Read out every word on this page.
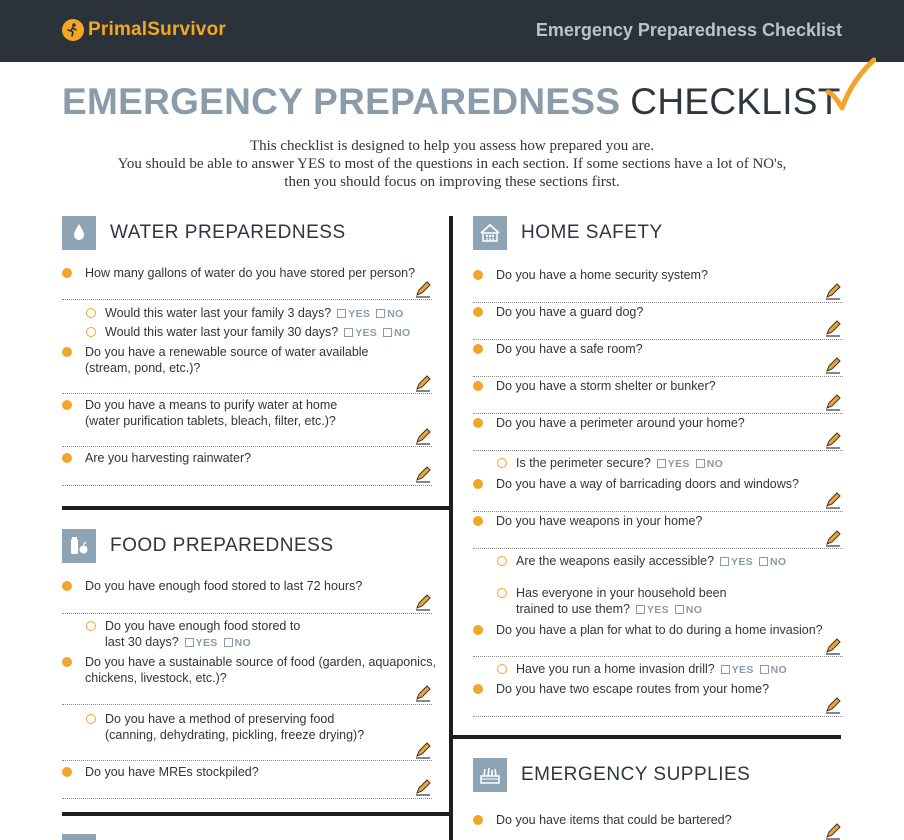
PrimalSurvivor	Emergency Preparedness Checklist
EMERGENCY PREPAREDNESS CHECKLIST
This checklist is designed to help you assess how prepared you are.
You should be able to answer YES to most of the questions in each section. If some sections have a lot of NO's,
then you should focus on improving these sections first.
WATER PREPAREDNESS
How many gallons of water do you have stored per person?
Would this water last your family 3 days? YES NO
Would this water last your family 30 days? YES NO
Do you have a renewable source of water available
(stream, pond, etc.)?
Do you have a means to purify water at home
(water purification tablets, bleach, filter, etc.)?
Are you harvesting rainwater?
FOOD PREPAREDNESS
Do you have enough food stored to last 72 hours?
Do you have enough food stored to
last 30 days? YES NO
Do you have a sustainable source of food (garden, aquaponics,
chickens, livestock, etc.)?
Do you have a method of preserving food
(canning, dehydrating, pickling, freeze drying)?
Do you have MREs stockpiled?
HOME SAFETY
Do you have a home security system?
Do you have a guard dog?
Do you have a safe room?
Do you have a storm shelter or bunker?
Do you have a perimeter around your home?
Is the perimeter secure? YES NO
Do you have a way of barricading doors and windows?
Do you have weapons in your home?
Are the weapons easily accessible? YES NO
Has everyone in your household been
trained to use them? YES NO
Do you have a plan for what to do during a home invasion?
Have you run a home invasion drill? YES NO
Do you have two escape routes from your home?
EMERGENCY SUPPLIES
Do you have items that could be bartered?
